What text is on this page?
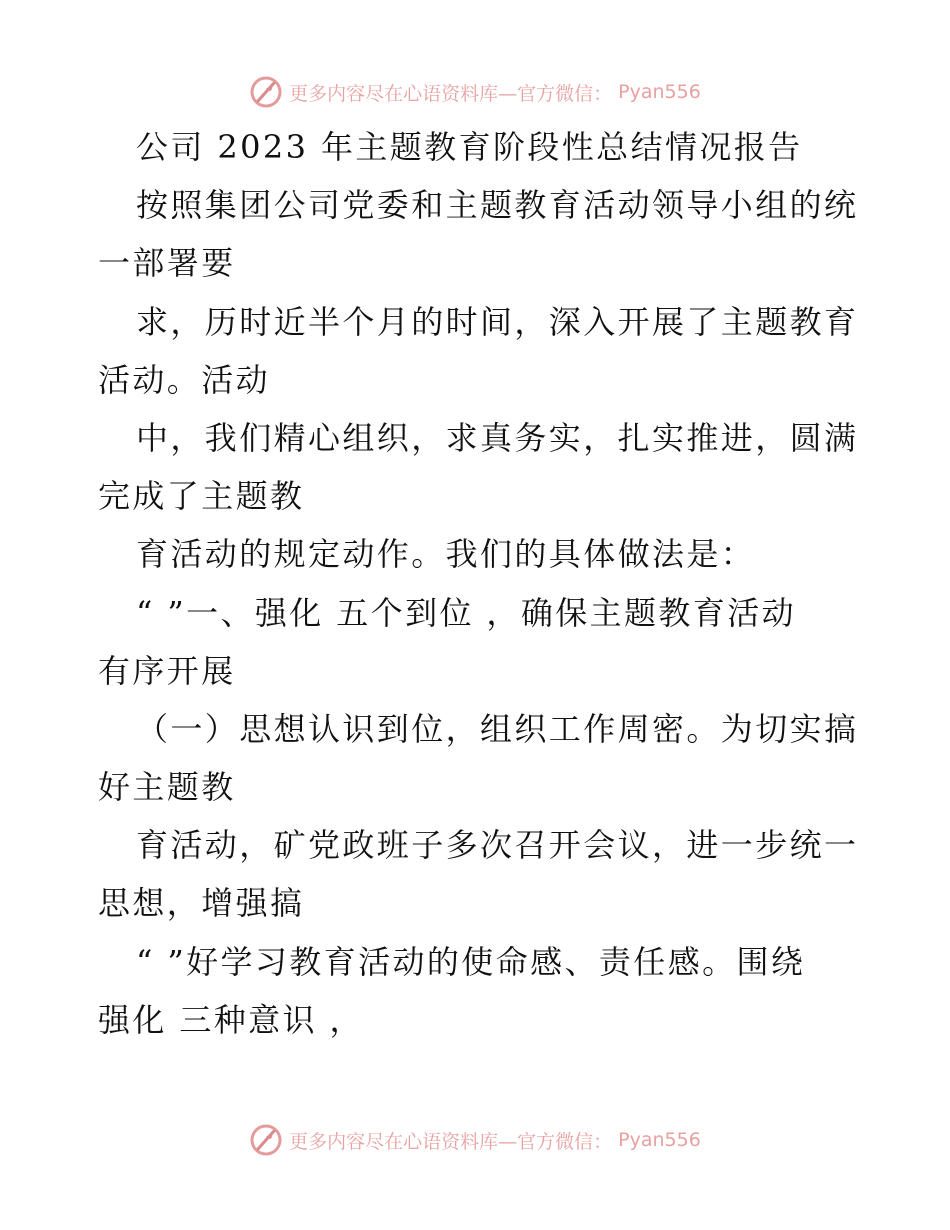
更多内容尽在心语资料库—官方微信： Pyan556
公司 2023 年主题教育阶段性总结情况报告
按照集团公司党委和主题教育活动领导小组的统
一部署要
求，历时近半个月的时间，深入开展了主题教育
活动。活动
中，我们精心组织，求真务实，扎实推进，圆满
完成了主题教
育活动的规定动作。我们的具体做法是：
“ ”一、强化 五个到位 ，确保主题教育活动
有序开展
（一）思想认识到位，组织工作周密。为切实搞
好主题教
育活动，矿党政班子多次召开会议，进一步统一
思想，增强搞
“ ”好学习教育活动的使命感、责任感。围绕
强化 三种意识 ，
更多内容尽在心语资料库—官方微信： Pyan556
